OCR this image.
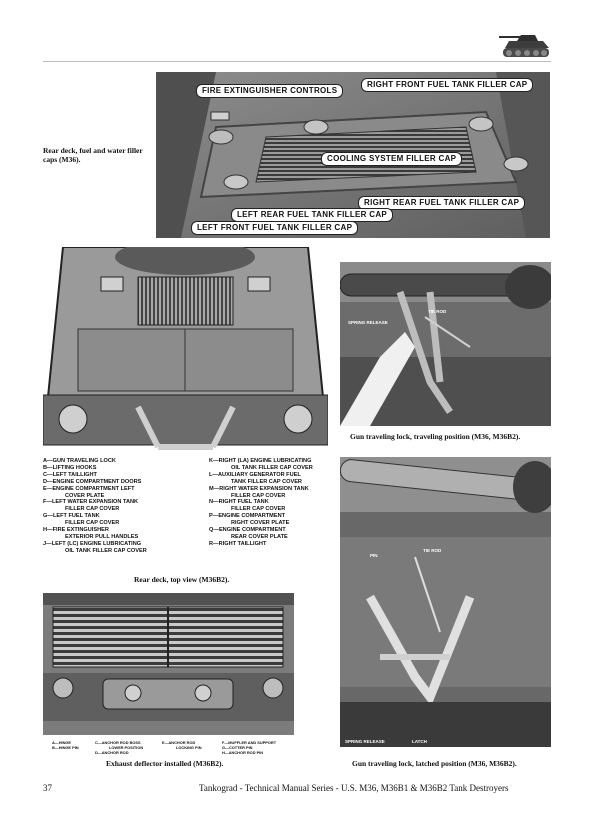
Rear deck, fuel and water filler caps (M36).
FIRE EXTINGUISHER CONTROLS
RIGHT FRONT FUEL TANK FILLER CAP
COOLING SYSTEM FILLER CAP
RIGHT REAR FUEL TANK FILLER CAP
LEFT REAR FUEL TANK FILLER CAP
LEFT FRONT FUEL TANK FILLER CAP
SPRING RELEASE
TIE ROD
Gun traveling lock, traveling position (M36, M36B2).
A—GUN TRAVELING LOCK
B—LIFTING HOOKS
C—LEFT TAILLIGHT
D—ENGINE COMPARTMENT DOORS
E—ENGINE COMPARTMENT LEFT
COVER PLATE
F—LEFT WATER EXPANSION TANK
FILLER CAP COVER
G—LEFT FUEL TANK
FILLER CAP COVER
H—FIRE EXTINGUISHER
EXTERIOR PULL HANDLES
J—LEFT (LC) ENGINE LUBRICATING
OIL TANK FILLER CAP COVER
K—RIGHT (LA) ENGINE LUBRICATING
OIL TANK FILLER CAP COVER
L—AUXILIARY GENERATOR FUEL
TANK FILLER CAP COVER
M—RIGHT WATER EXPANSION TANK
FILLER CAP COVER
N—RIGHT FUEL TANK
FILLER CAP COVER
P—ENGINE COMPARTMENT
RIGHT COVER PLATE
Q—ENGINE COMPARTMENT
REAR COVER PLATE
R—RIGHT TAILLIGHT
Rear deck, top view (M36B2).
PIN
TIE ROD
SPRING RELEASE	LATCH
Gun traveling lock, latched position (M36, M36B2).
A—HINGE
B—HINGE PIN
C—ANCHOR ROD BOSS
LOWER POSITION
D—ANCHOR ROD
E—ANCHOR ROD
LOCKING PIN
F—MUFFLER AND SUPPORT
G—COTTER PIN
H—ANCHOR ROD PIN
Exhaust deflector installed (M36B2).
37	Tankograd - Technical Manual Series - U.S. M36, M36B1 & M36B2 Tank Destroyers
